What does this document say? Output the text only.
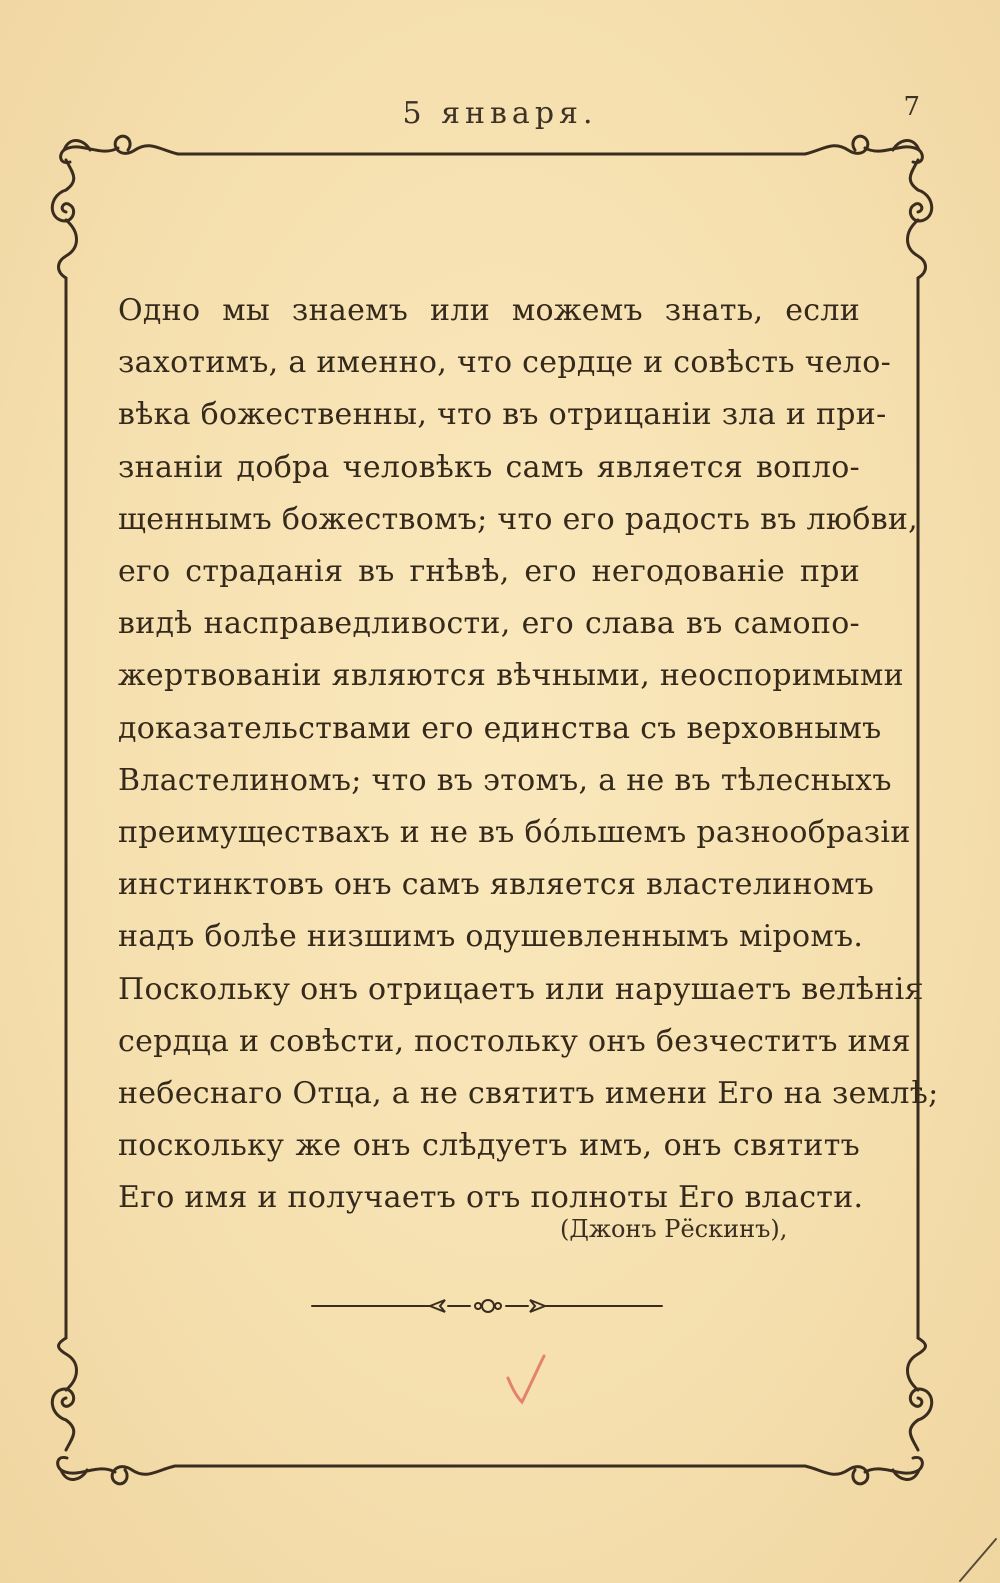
5 января.	7
Одно мы знаемъ или можемъ знать, если
захотимъ, а именно, что сердце и совѣсть чело-
вѣка божественны, что въ отрицаніи зла и при-
знаніи добра человѣкъ самъ является вопло-
щеннымъ божествомъ; что его радость въ любви,
его страданія въ гнѣвѣ, его негодованіе при
видѣ насправедливости, его слава въ самопо-
жертвованіи являются вѣчными, неоспоримыми
доказательствами его единства съ верховнымъ
Властелиномъ; что въ этомъ, а не въ тѣлесныхъ
преимуществахъ и не въ бо́льшемъ разнообразіи
инстинктовъ онъ самъ является властелиномъ
надъ болѣе низшимъ одушевленнымъ міромъ.
Поскольку онъ отрицаетъ или нарушаетъ велѣнія
сердца и совѣсти, постольку онъ безчеститъ имя
небеснаго Отца, а не святитъ имени Его на землѣ;
поскольку же онъ слѣдуетъ имъ, онъ святитъ
Его имя и получаетъ отъ полноты Его власти.
(Джонъ Рёскинъ),
